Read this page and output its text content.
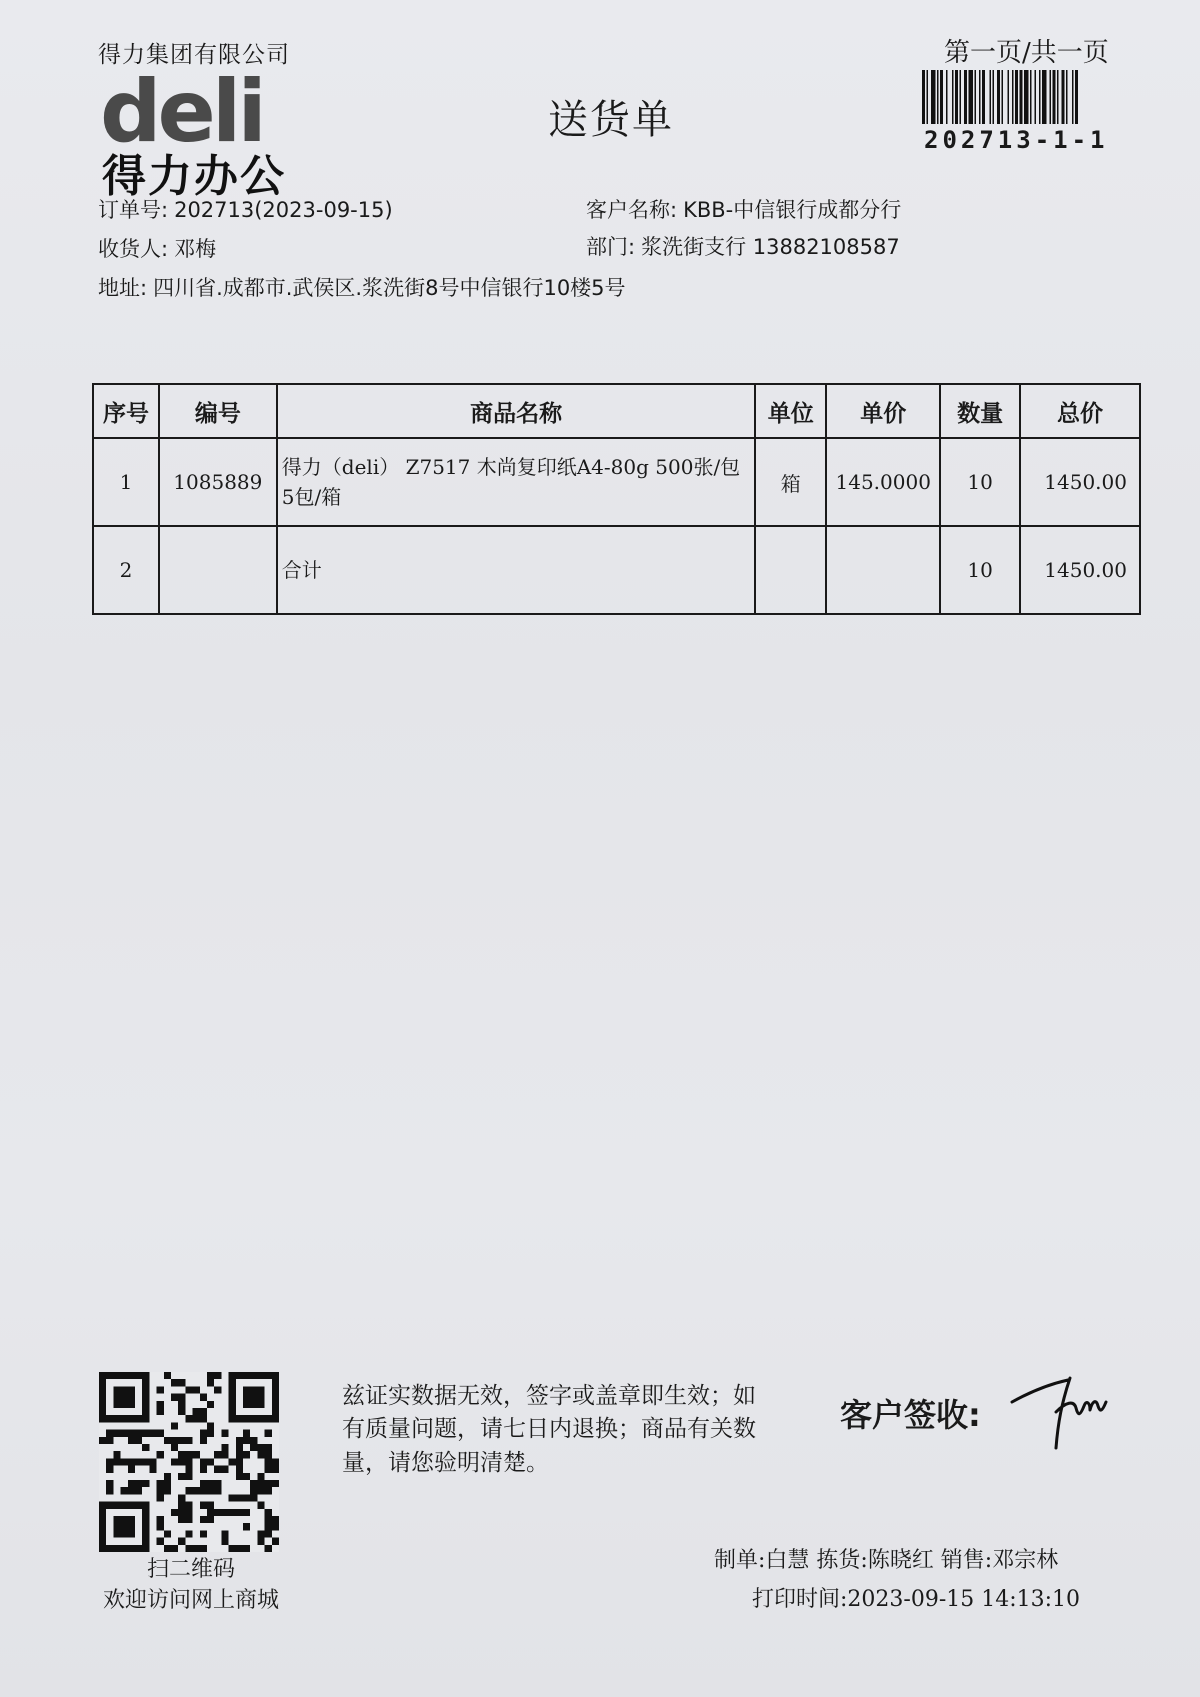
得力集团有限公司
deli
得力办公
送货单
第一页/共一页
202713-1-1
订单号: 202713(2023-09-15)	客户名称: KBB-中信银行成都分行
收货人: 邓梅	部门: 浆洗街支行 13882108587
地址: 四川省.成都市.武侯区.浆洗街8号中信银行10楼5号
序号	编号	商品名称	单位	单价	数量	总价
1	1085889	得力（deli） Z7517 木尚复印纸A4-80g 500张/包 5包/箱	箱	145.0000	10	1450.00
2		合计			10	1450.00
扫二维码
欢迎访问网上商城
兹证实数据无效，签字或盖章即生效；如有质量问题，请七日内退换；商品有关数量，请您验明清楚。
客户签收:
制单:白慧 拣货:陈晓红 销售:邓宗林
打印时间:2023-09-15 14:13:10
